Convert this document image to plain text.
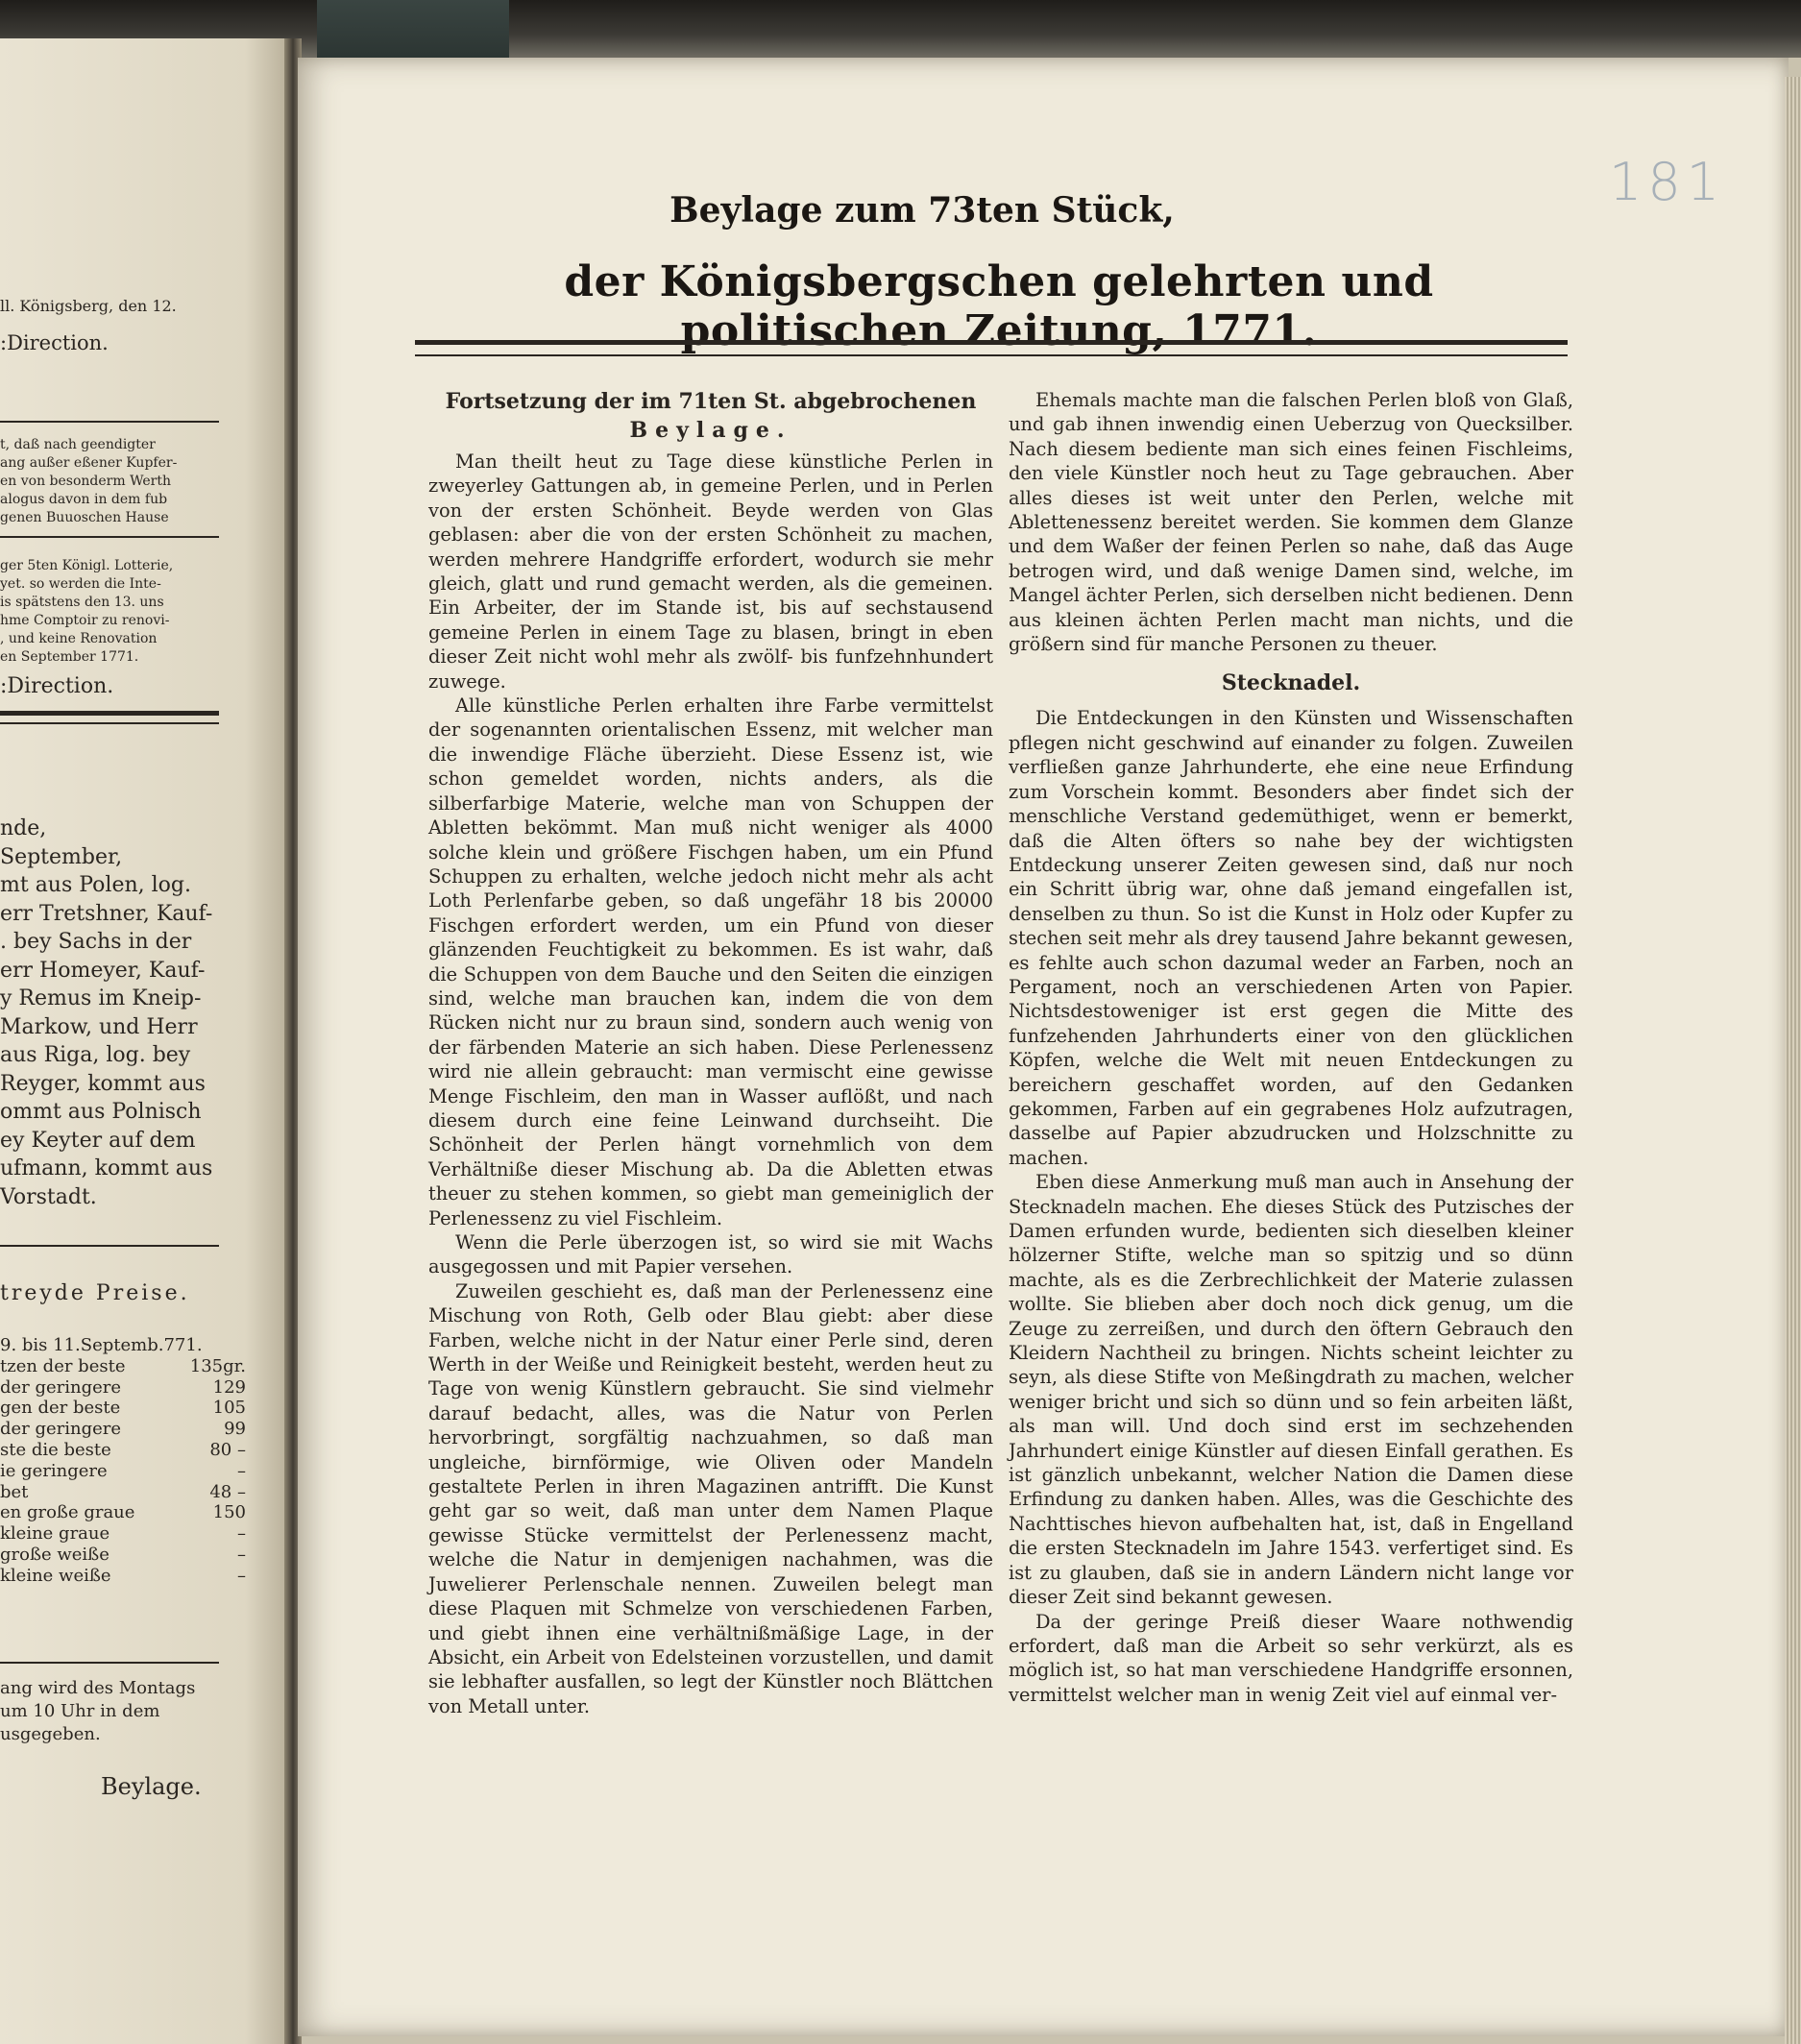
ll. Königsberg, den 12.
:Direction.
t, daß nach geendigter
ang außer eßener Kupfer-
en von besonderm Werth
alogus davon in dem fub
genen Buuoschen Hause
ger 5ten Königl. Lotterie,
yet. so werden die Inte-
is spätstens den 13. uns
hme Comptoir zu renovi-
, und keine Renovation
en September 1771.
:Direction.
nde,
September,
mt aus Polen, log.
err Tretshner, Kauf-
. bey Sachs in der
err Homeyer, Kauf-
y Remus im Kneip-
Markow, und Herr
aus Riga, log. bey
Reyger, kommt aus
ommt aus Polnisch
ey Keyter auf dem
ufmann, kommt aus
Vorstadt.
treyde Preise.
9. bis 11.Septemb.771.
tzen der beste	135gr.
der geringere	129
gen der beste	105
der geringere	99
ste die beste	80 –
ie geringere	–
bet	48 –
en große graue	150
kleine graue	–
große weiße	–
kleine weiße	–
ang wird des Montags
um 10 Uhr in dem
usgegeben.
Beylage.
181
Beylage zum 73ten Stück,
der Königsbergschen gelehrten und politischen Zeitung, 1771.
Fortsetzung der im 71ten St. abgebrochenen
Beylage.

Man theilt heut zu Tage diese künstliche Perlen in zweyerley Gattungen ab, in gemeine Perlen, und in Perlen von der ersten Schönheit. Beyde werden von Glas geblasen: aber die von der ersten Schönheit zu machen, werden mehrere Handgriffe erfordert, wodurch sie mehr gleich, glatt und rund gemacht werden, als die gemeinen. Ein Arbeiter, der im Stande ist, bis auf sechstausend gemeine Perlen in einem Tage zu blasen, bringt in eben dieser Zeit nicht wohl mehr als zwölf- bis funfzehnhundert zuwege.

Alle künstliche Perlen erhalten ihre Farbe vermittelst der sogenannten orientalischen Essenz, mit welcher man die inwendige Fläche überzieht. Diese Essenz ist, wie schon gemeldet worden, nichts anders, als die silberfarbige Materie, welche man von Schuppen der Abletten bekömmt. Man muß nicht weniger als 4000 solche klein und größere Fischgen haben, um ein Pfund Schuppen zu erhalten, welche jedoch nicht mehr als acht Loth Perlenfarbe geben, so daß ungefähr 18 bis 20000 Fischgen erfordert werden, um ein Pfund von dieser glänzenden Feuchtigkeit zu bekommen. Es ist wahr, daß die Schuppen von dem Bauche und den Seiten die einzigen sind, welche man brauchen kan, indem die von dem Rücken nicht nur zu braun sind, sondern auch wenig von der färbenden Materie an sich haben. Diese Perlenessenz wird nie allein gebraucht: man vermischt eine gewisse Menge Fischleim, den man in Wasser auflößt, und nach diesem durch eine feine Leinwand durchseiht. Die Schönheit der Perlen hängt vornehmlich von dem Verhältniße dieser Mischung ab. Da die Abletten etwas theuer zu stehen kommen, so giebt man gemeiniglich der Perlenessenz zu viel Fischleim.

Wenn die Perle überzogen ist, so wird sie mit Wachs ausgegossen und mit Papier versehen.

Zuweilen geschieht es, daß man der Perlenessenz eine Mischung von Roth, Gelb oder Blau giebt: aber diese Farben, welche nicht in der Natur einer Perle sind, deren Werth in der Weiße und Reinigkeit besteht, werden heut zu Tage von wenig Künstlern gebraucht. Sie sind vielmehr darauf bedacht, alles, was die Natur von Perlen hervorbringt, sorgfältig nachzuahmen, so daß man ungleiche, birnförmige, wie Oliven oder Mandeln gestaltete Perlen in ihren Magazinen antrifft. Die Kunst geht gar so weit, daß man unter dem Namen Plaque gewisse Stücke vermittelst der Perlenessenz macht, welche die Natur in demjenigen nachahmen, was die Juwelierer Perlenschale nennen. Zuweilen belegt man diese Plaquen mit Schmelze von verschiedenen Farben, und giebt ihnen eine verhältnißmäßige Lage, in der Absicht, ein Arbeit von Edelsteinen vorzustellen, und damit sie lebhafter ausfallen, so legt der Künstler noch Blättchen von Metall unter.

Ehemals machte man die falschen Perlen bloß von Glaß, und gab ihnen inwendig einen Ueberzug von Quecksilber. Nach diesem bediente man sich eines feinen Fischleims, den viele Künstler noch heut zu Tage gebrauchen. Aber alles dieses ist weit unter den Perlen, welche mit Ablettenessenz bereitet werden. Sie kommen dem Glanze und dem Waßer der feinen Perlen so nahe, daß das Auge betrogen wird, und daß wenige Damen sind, welche, im Mangel ächter Perlen, sich derselben nicht bedienen. Denn aus kleinen ächten Perlen macht man nichts, und die größern sind für manche Personen zu theuer.

Stecknadel.

Die Entdeckungen in den Künsten und Wissenschaften pflegen nicht geschwind auf einander zu folgen. Zuweilen verfließen ganze Jahrhunderte, ehe eine neue Erfindung zum Vorschein kommt. Besonders aber findet sich der menschliche Verstand gedemüthiget, wenn er bemerkt, daß die Alten öfters so nahe bey der wichtigsten Entdeckung unserer Zeiten gewesen sind, daß nur noch ein Schritt übrig war, ohne daß jemand eingefallen ist, denselben zu thun. So ist die Kunst in Holz oder Kupfer zu stechen seit mehr als drey tausend Jahre bekannt gewesen, es fehlte auch schon dazumal weder an Farben, noch an Pergament, noch an verschiedenen Arten von Papier. Nichtsdestoweniger ist erst gegen die Mitte des funfzehenden Jahrhunderts einer von den glücklichen Köpfen, welche die Welt mit neuen Entdeckungen zu bereichern geschaffet worden, auf den Gedanken gekommen, Farben auf ein gegrabenes Holz aufzutragen, dasselbe auf Papier abzudrucken und Holzschnitte zu machen.

Eben diese Anmerkung muß man auch in Ansehung der Stecknadeln machen. Ehe dieses Stück des Putzisches der Damen erfunden wurde, bedienten sich dieselben kleiner hölzerner Stifte, welche man so spitzig und so dünn machte, als es die Zerbrechlichkeit der Materie zulassen wollte. Sie blieben aber doch noch dick genug, um die Zeuge zu zerreißen, und durch den öftern Gebrauch den Kleidern Nachtheil zu bringen. Nichts scheint leichter zu seyn, als diese Stifte von Meßingdrath zu machen, welcher weniger bricht und sich so dünn und so fein arbeiten läßt, als man will. Und doch sind erst im sechzehenden Jahrhundert einige Künstler auf diesen Einfall gerathen. Es ist gänzlich unbekannt, welcher Nation die Damen diese Erfindung zu danken haben. Alles, was die Geschichte des Nachttisches hievon aufbehalten hat, ist, daß in Engelland die ersten Stecknadeln im Jahre 1543. verfertiget sind. Es ist zu glauben, daß sie in andern Ländern nicht lange vor dieser Zeit sind bekannt gewesen.

Da der geringe Preiß dieser Waare nothwendig erfordert, daß man die Arbeit so sehr verkürzt, als es möglich ist, so hat man verschiedene Handgriffe ersonnen, vermittelst welcher man in wenig Zeit viel auf einmal ver-
